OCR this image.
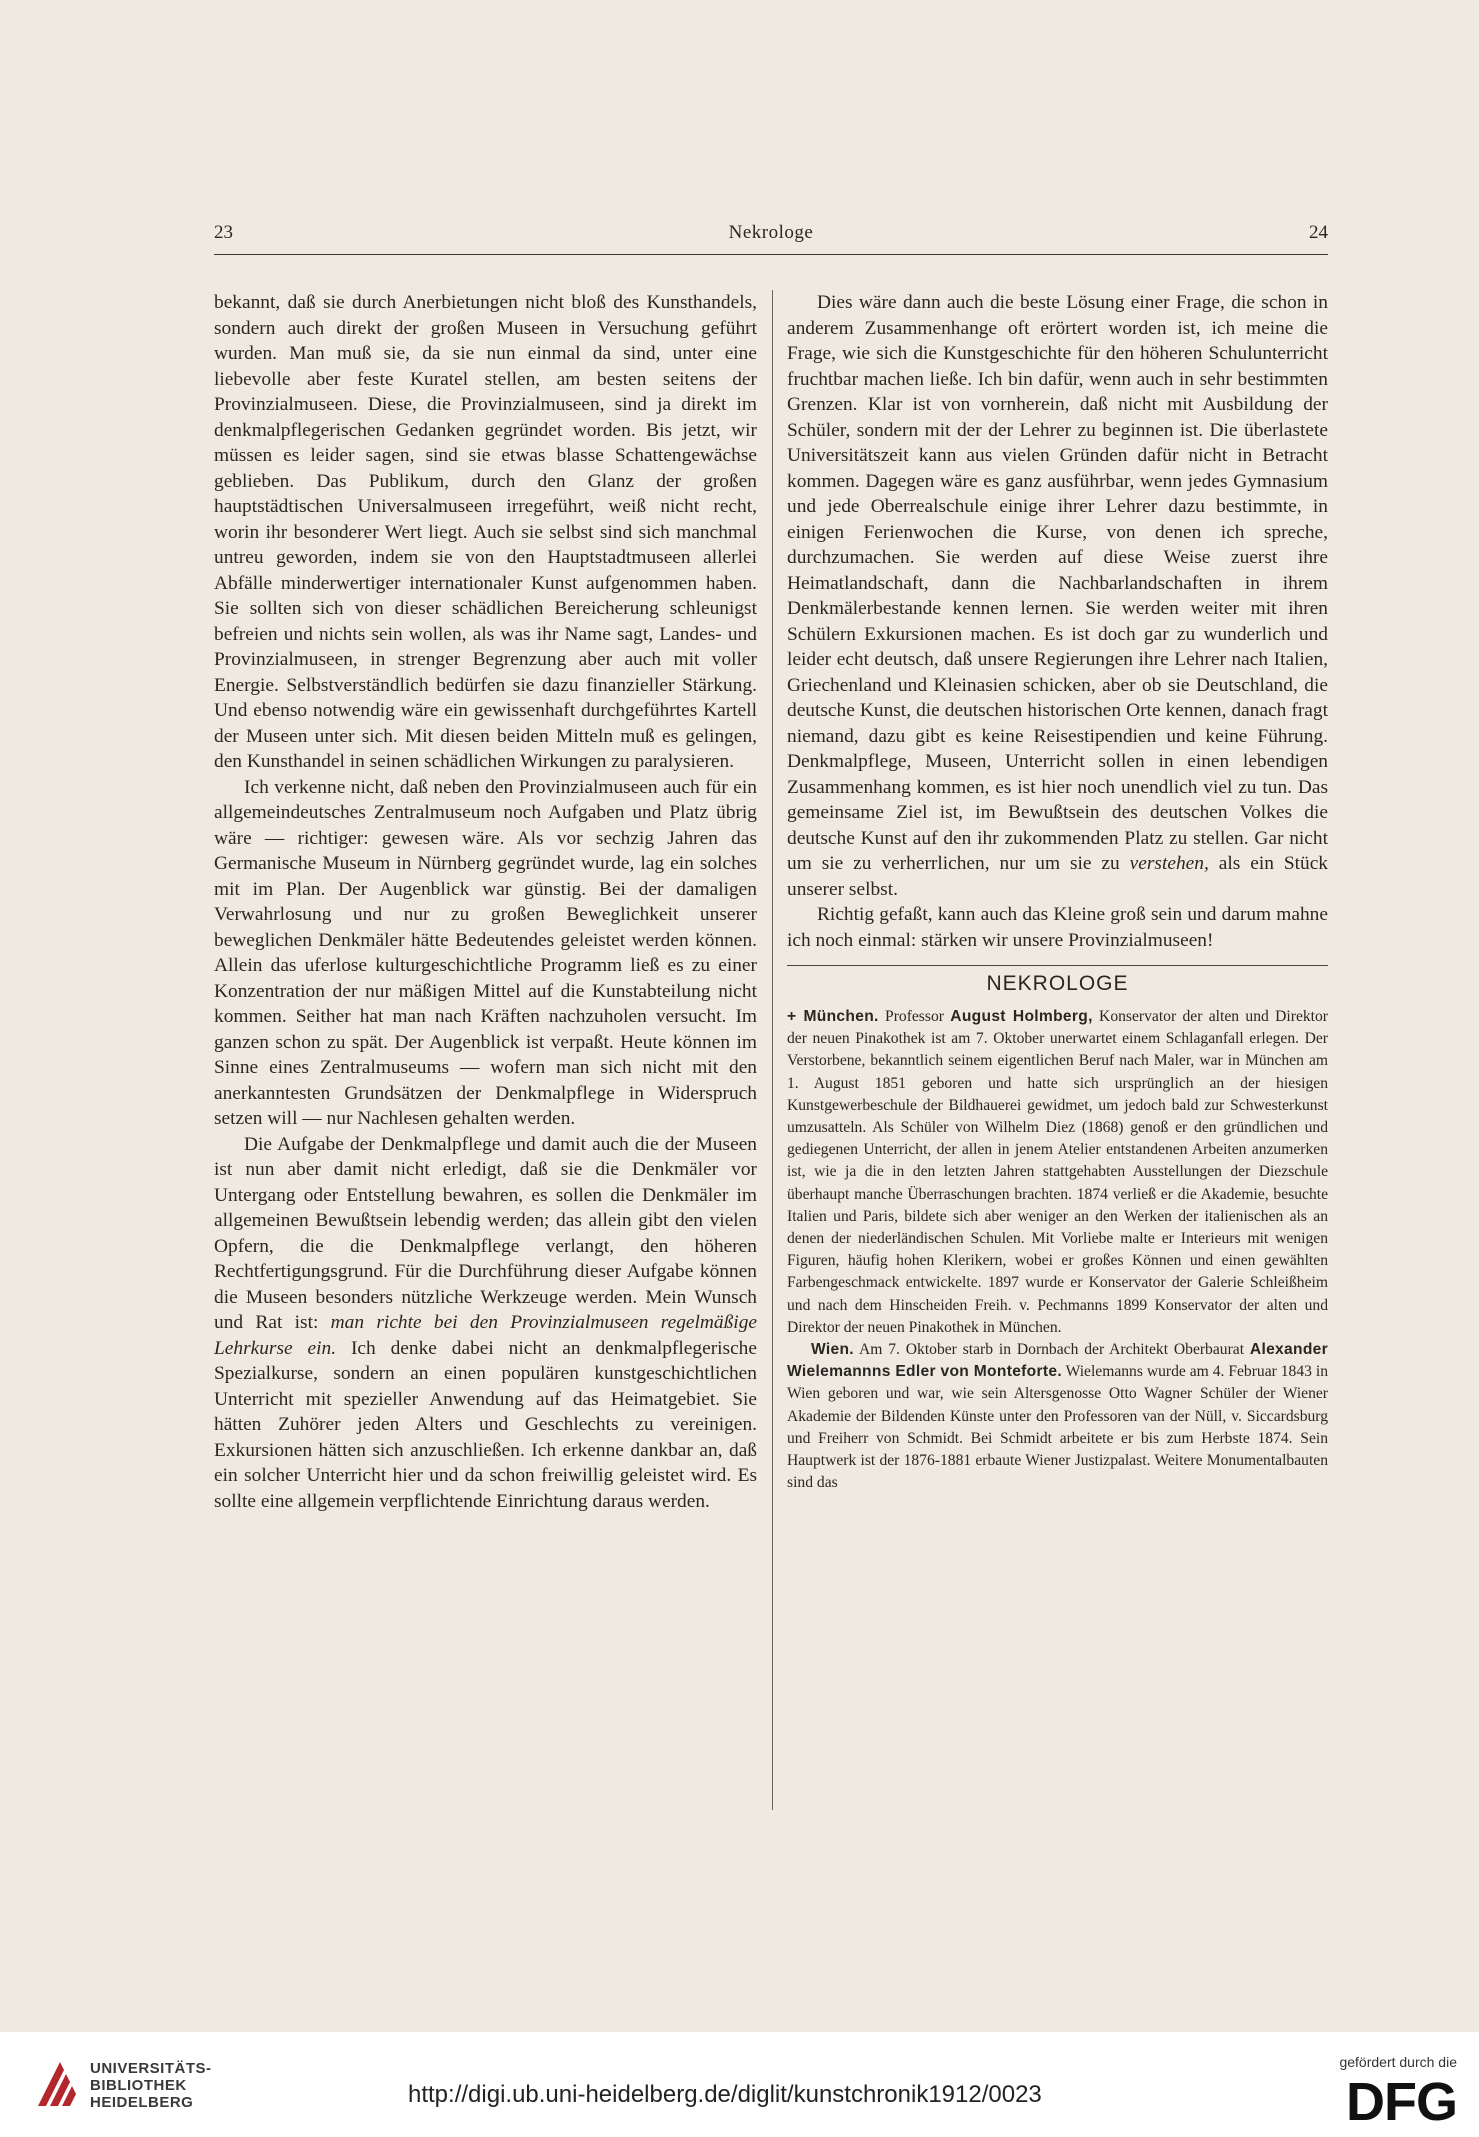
23	Nekrologe	24

bekannt, daß sie durch Anerbietungen nicht bloß des Kunsthandels, sondern auch direkt der großen Museen in Versuchung geführt wurden. Man muß sie, da sie nun einmal da sind, unter eine liebevolle aber feste Kuratel stellen, am besten seitens der Provinzialmuseen. Diese, die Provinzialmuseen, sind ja direkt im denkmalpflegerischen Gedanken gegründet worden. Bis jetzt, wir müssen es leider sagen, sind sie etwas blasse Schattengewächse geblieben. Das Publikum, durch den Glanz der großen hauptstädtischen Universalmuseen irregeführt, weiß nicht recht, worin ihr besonderer Wert liegt. Auch sie selbst sind sich manchmal untreu geworden, indem sie von den Hauptstadtmuseen allerlei Abfälle minderwertiger internationaler Kunst aufgenommen haben. Sie sollten sich von dieser schädlichen Bereicherung schleunigst befreien und nichts sein wollen, als was ihr Name sagt, Landes- und Provinzialmuseen, in strenger Begrenzung aber auch mit voller Energie. Selbstverständlich bedürfen sie dazu finanzieller Stärkung. Und ebenso notwendig wäre ein gewissenhaft durchgeführtes Kartell der Museen unter sich. Mit diesen beiden Mitteln muß es gelingen, den Kunsthandel in seinen schädlichen Wirkungen zu paralysieren.

Ich verkenne nicht, daß neben den Provinzialmuseen auch für ein allgemeindeutsches Zentralmuseum noch Aufgaben und Platz übrig wäre — richtiger: gewesen wäre. Als vor sechzig Jahren das Germanische Museum in Nürnberg gegründet wurde, lag ein solches mit im Plan. Der Augenblick war günstig. Bei der damaligen Verwahrlosung und nur zu großen Beweglichkeit unserer beweglichen Denkmäler hätte Bedeutendes geleistet werden können. Allein das uferlose kulturgeschichtliche Programm ließ es zu einer Konzentration der nur mäßigen Mittel auf die Kunstabteilung nicht kommen. Seither hat man nach Kräften nachzuholen versucht. Im ganzen schon zu spät. Der Augenblick ist verpaßt. Heute können im Sinne eines Zentralmuseums — wofern man sich nicht mit den anerkanntesten Grundsätzen der Denkmalpflege in Widerspruch setzen will — nur Nachlesen gehalten werden.

Die Aufgabe der Denkmalpflege und damit auch die der Museen ist nun aber damit nicht erledigt, daß sie die Denkmäler vor Untergang oder Entstellung bewahren, es sollen die Denkmäler im allgemeinen Bewußtsein lebendig werden; das allein gibt den vielen Opfern, die die Denkmalpflege verlangt, den höheren Rechtfertigungsgrund. Für die Durchführung dieser Aufgabe können die Museen besonders nützliche Werkzeuge werden. Mein Wunsch und Rat ist: man richte bei den Provinzialmuseen regelmäßige Lehrkurse ein. Ich denke dabei nicht an denkmalpflegerische Spezialkurse, sondern an einen populären kunstgeschichtlichen Unterricht mit spezieller Anwendung auf das Heimatgebiet. Sie hätten Zuhörer jeden Alters und Geschlechts zu vereinigen. Exkursionen hätten sich anzuschließen. Ich erkenne dankbar an, daß ein solcher Unterricht hier und da schon freiwillig geleistet wird. Es sollte eine allgemein verpflichtende Einrichtung daraus werden.

Dies wäre dann auch die beste Lösung einer Frage, die schon in anderem Zusammenhange oft erörtert worden ist, ich meine die Frage, wie sich die Kunstgeschichte für den höheren Schulunterricht fruchtbar machen ließe. Ich bin dafür, wenn auch in sehr bestimmten Grenzen. Klar ist von vornherein, daß nicht mit Ausbildung der Schüler, sondern mit der der Lehrer zu beginnen ist. Die überlastete Universitätszeit kann aus vielen Gründen dafür nicht in Betracht kommen. Dagegen wäre es ganz ausführbar, wenn jedes Gymnasium und jede Oberrealschule einige ihrer Lehrer dazu bestimmte, in einigen Ferienwochen die Kurse, von denen ich spreche, durchzumachen. Sie werden auf diese Weise zuerst ihre Heimatlandschaft, dann die Nachbarlandschaften in ihrem Denkmälerbestande kennen lernen. Sie werden weiter mit ihren Schülern Exkursionen machen. Es ist doch gar zu wunderlich und leider echt deutsch, daß unsere Regierungen ihre Lehrer nach Italien, Griechenland und Kleinasien schicken, aber ob sie Deutschland, die deutsche Kunst, die deutschen historischen Orte kennen, danach fragt niemand, dazu gibt es keine Reisestipendien und keine Führung. Denkmalpflege, Museen, Unterricht sollen in einen lebendigen Zusammenhang kommen, es ist hier noch unendlich viel zu tun. Das gemeinsame Ziel ist, im Bewußtsein des deutschen Volkes die deutsche Kunst auf den ihr zukommenden Platz zu stellen. Gar nicht um sie zu verherrlichen, nur um sie zu verstehen, als ein Stück unserer selbst.

Richtig gefaßt, kann auch das Kleine groß sein und darum mahne ich noch einmal: stärken wir unsere Provinzialmuseen!

NEKROLOGE

+ München. Professor August Holmberg, Konservator der alten und Direktor der neuen Pinakothek ist am 7. Oktober unerwartet einem Schlaganfall erlegen. Der Verstorbene, bekanntlich seinem eigentlichen Beruf nach Maler, war in München am 1. August 1851 geboren und hatte sich ursprünglich an der hiesigen Kunstgewerbeschule der Bildhauerei gewidmet, um jedoch bald zur Schwesterkunst umzusatteln. Als Schüler von Wilhelm Diez (1868) genoß er den gründlichen und gediegenen Unterricht, der allen in jenem Atelier entstandenen Arbeiten anzumerken ist, wie ja die in den letzten Jahren stattgehabten Ausstellungen der Diezschule überhaupt manche Überraschungen brachten. 1874 verließ er die Akademie, besuchte Italien und Paris, bildete sich aber weniger an den Werken der italienischen als an denen der niederländischen Schulen. Mit Vorliebe malte er Interieurs mit wenigen Figuren, häufig hohen Klerikern, wobei er großes Können und einen gewählten Farbengeschmack entwickelte. 1897 wurde er Konservator der Galerie Schleißheim und nach dem Hinscheiden Freih. v. Pechmanns 1899 Konservator der alten und Direktor der neuen Pinakothek in München.

Wien. Am 7. Oktober starb in Dornbach der Architekt Oberbaurat Alexander Wielemannns Edler von Monteforte. Wielemanns wurde am 4. Februar 1843 in Wien geboren und war, wie sein Altersgenosse Otto Wagner Schüler der Wiener Akademie der Bildenden Künste unter den Professoren van der Nüll, v. Siccardsburg und Freiherr von Schmidt. Bei Schmidt arbeitete er bis zum Herbste 1874. Sein Hauptwerk ist der 1876-1881 erbaute Wiener Justizpalast. Weitere Monumentalbauten sind das

UNIVERSITÄTS-
BIBLIOTHEK
HEIDELBERG	http://digi.ub.uni-heidelberg.de/diglit/kunstchronik1912/0023
gefördert durch die
DFG
